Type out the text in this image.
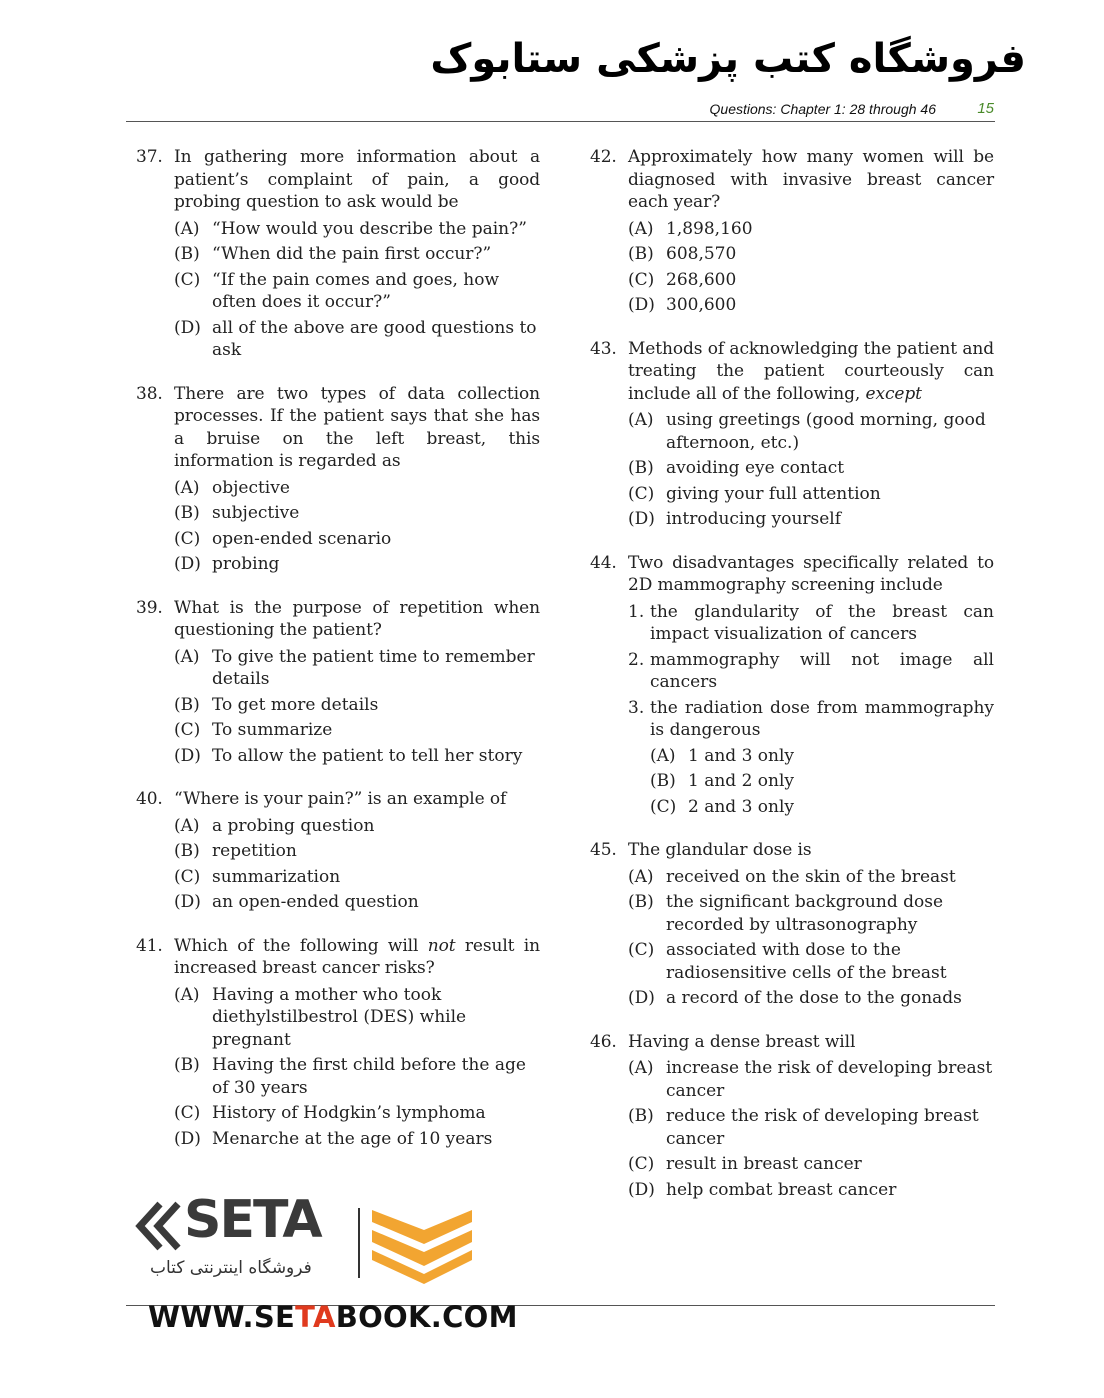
فروشگاه کتب پزشکی ستابوک
Questions: Chapter 1: 28 through 46	15
37. In gathering more information about a patient’s complaint of pain, a good probing question to ask would be
(A) “How would you describe the pain?”
(B) “When did the pain first occur?”
(C) “If the pain comes and goes, how often does it occur?”
(D) all of the above are good questions to ask
38. There are two types of data collection processes. If the patient says that she has a bruise on the left breast, this information is regarded as
(A) objective
(B) subjective
(C) open-ended scenario
(D) probing
39. What is the purpose of repetition when questioning the patient?
(A) To give the patient time to remember details
(B) To get more details
(C) To summarize
(D) To allow the patient to tell her story
40. “Where is your pain?” is an example of
(A) a probing question
(B) repetition
(C) summarization
(D) an open-ended question
41. Which of the following will not result in increased breast cancer risks?
(A) Having a mother who took diethylstilbestrol (DES) while pregnant
(B) Having the first child before the age of 30 years
(C) History of Hodgkin’s lymphoma
(D) Menarche at the age of 10 years
42. Approximately how many women will be diagnosed with invasive breast cancer each year?
(A) 1,898,160
(B) 608,570
(C) 268,600
(D) 300,600
43. Methods of acknowledging the patient and treating the patient courteously can include all of the following, except
(A) using greetings (good morning, good afternoon, etc.)
(B) avoiding eye contact
(C) giving your full attention
(D) introducing yourself
44. Two disadvantages specifically related to 2D mammography screening include
1. the glandularity of the breast can impact visualization of cancers
2. mammography will not image all cancers
3. the radiation dose from mammography is dangerous
(A) 1 and 3 only
(B) 1 and 2 only
(C) 2 and 3 only
45. The glandular dose is
(A) received on the skin of the breast
(B) the significant background dose recorded by ultrasonography
(C) associated with dose to the radiosensitive cells of the breast
(D) a record of the dose to the gonads
46. Having a dense breast will
(A) increase the risk of developing breast cancer
(B) reduce the risk of developing breast cancer
(C) result in breast cancer
(D) help combat breast cancer
SETA
فروشگاه اینترنتی کتاب
WWW.SETABOOK.COM
